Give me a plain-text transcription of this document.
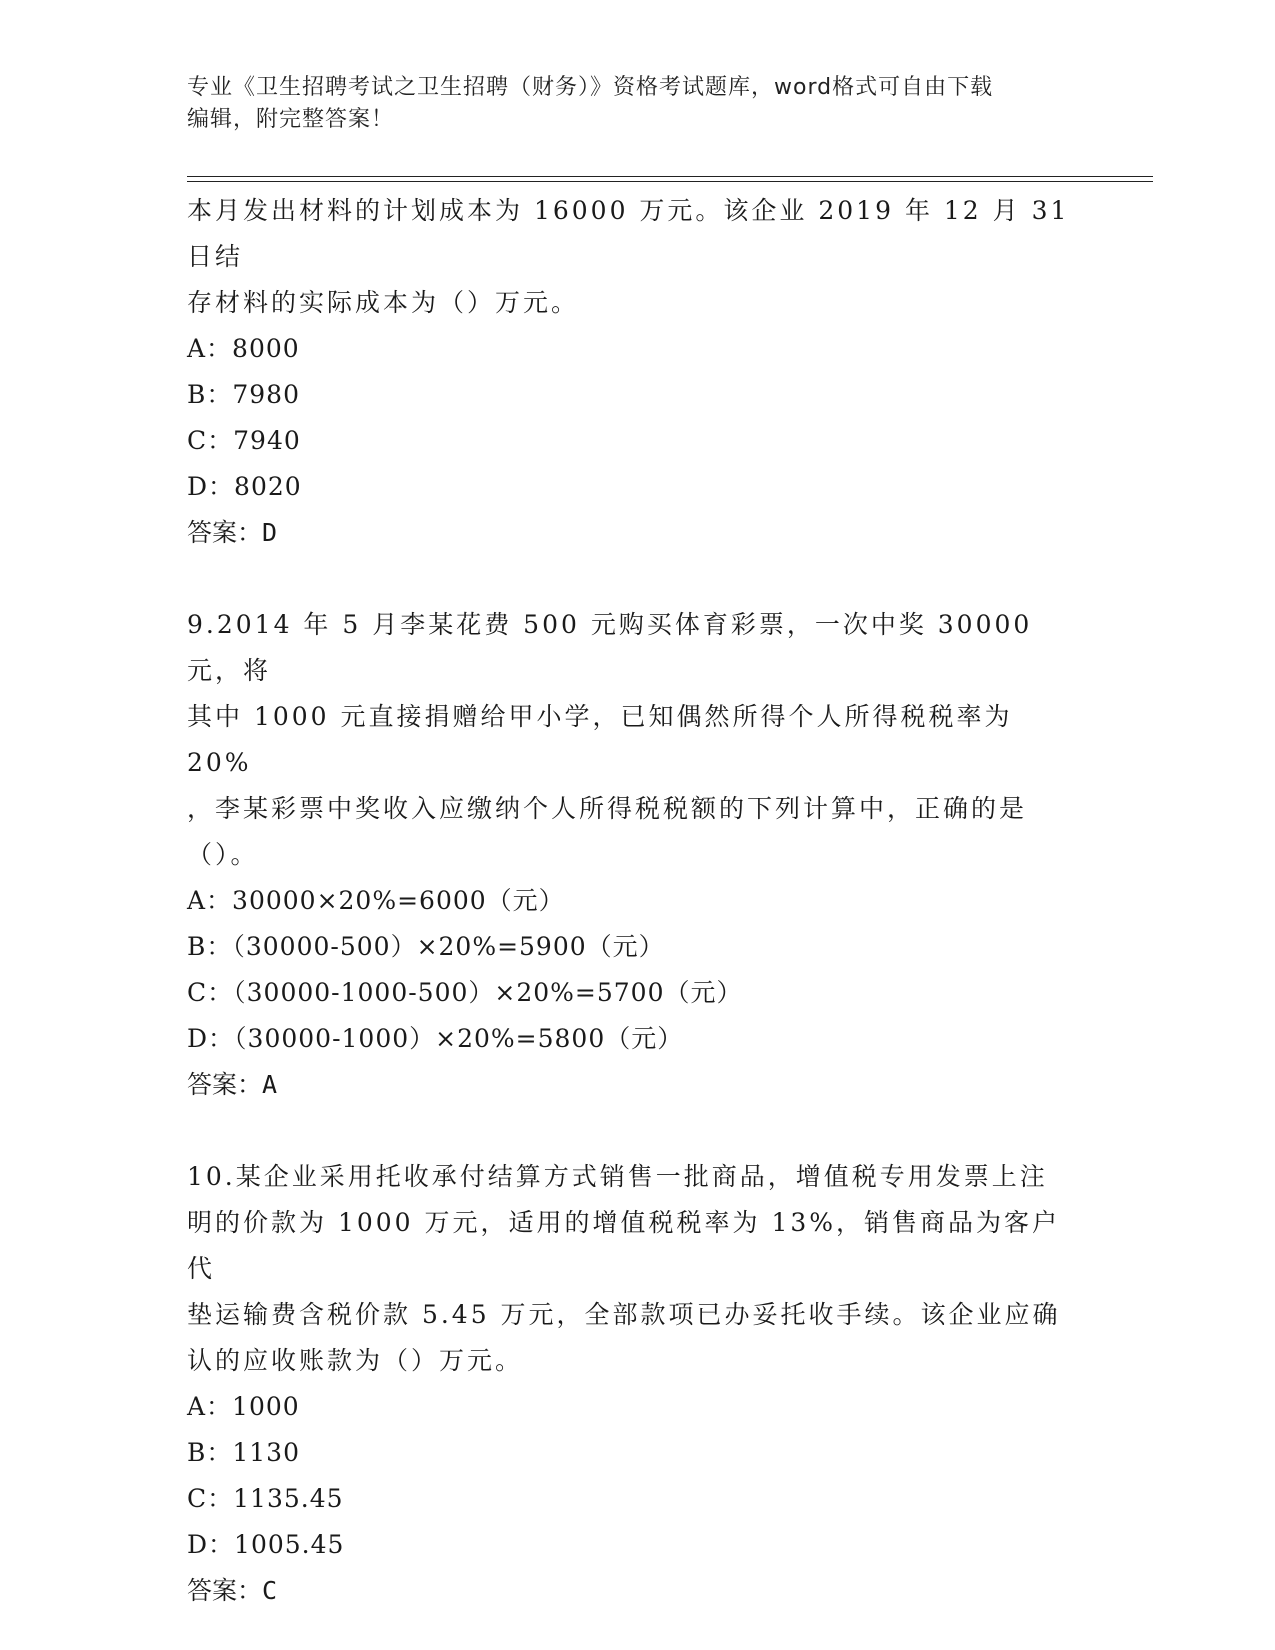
专业《卫生招聘考试之卫生招聘（财务）》资格考试题库，word格式可自由下载
编辑，附完整答案！

本月发出材料的计划成本为 16000 万元。该企业 2019 年 12 月 31 日结

存材料的实际成本为（）万元。

A：8000

B：7980

C：7940

D：8020

答案：D

9.2014 年 5 月李某花费 500 元购买体育彩票，一次中奖 30000 元，将

其中 1000 元直接捐赠给甲小学，已知偶然所得个人所得税税率为 20%

，李某彩票中奖收入应缴纳个人所得税税额的下列计算中，正确的是

（）。

A：30000×20%=6000（元）

B：（30000-500）×20%=5900（元）

C：（30000-1000-500）×20%=5700（元）

D：（30000-1000）×20%=5800（元）

答案：A

10.某企业采用托收承付结算方式销售一批商品，增值税专用发票上注

明的价款为 1000 万元，适用的增值税税率为 13%，销售商品为客户代

垫运输费含税价款 5.45 万元，全部款项已办妥托收手续。该企业应确

认的应收账款为（）万元。

A：1000

B：1130

C：1135.45

D：1005.45

答案：C
